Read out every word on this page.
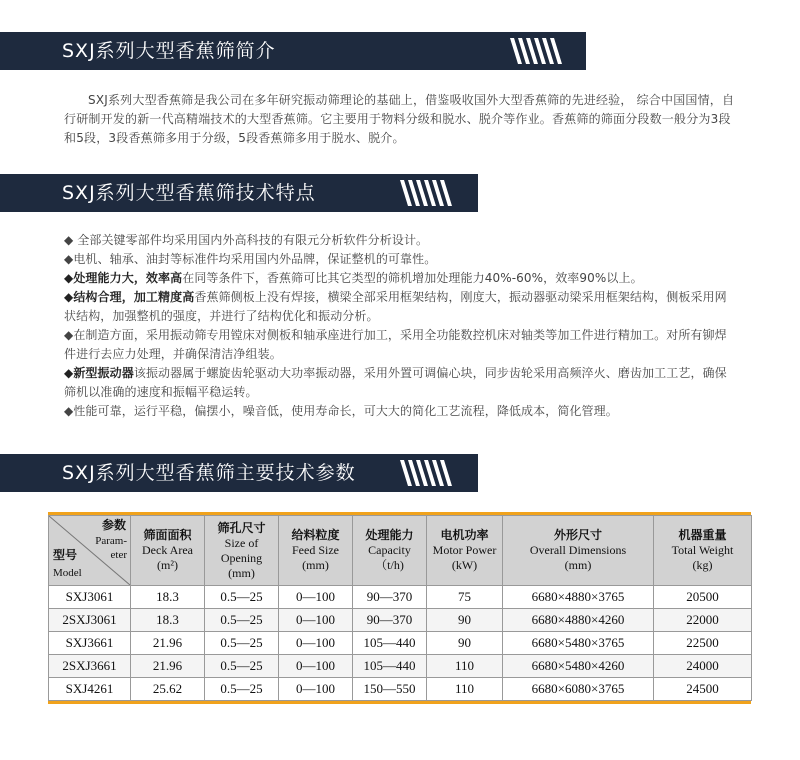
SXJ系列大型香蕉筛简介

SXJ系列大型香蕉筛是我公司在多年研究振动筛理论的基础上，借鉴吸收国外大型香蕉筛的先进经验， 综合中国国情，自行研制开发的新一代高精端技术的大型香蕉筛。它主要用于物料分级和脱水、脱介等作业。香蕉筛的筛面分段数一般分为3段和5段，3段香蕉筛多用于分级，5段香蕉筛多用于脱水、脱介。

SXJ系列大型香蕉筛技术特点
◆ 全部关键零部件均采用国内外高科技的有限元分析软件分析设计。
◆电机、轴承、油封等标准件均采用国内外品牌，保证整机的可靠性。
◆处理能力大，效率高在同等条件下，香蕉筛可比其它类型的筛机增加处理能力40%-60%，效率90%以上。
◆结构合理，加工精度高香蕉筛侧板上没有焊接，横梁全部采用框架结构，刚度大，振动器驱动梁采用框架结构，侧板采用网状结构，加强整机的强度，并进行了结构优化和振动分析。
◆在制造方面，采用振动筛专用镗床对侧板和轴承座进行加工，采用全功能数控机床对轴类等加工件进行精加工。对所有铆焊件进行去应力处理，并确保清洁净组装。
◆新型振动器该振动器属于螺旋齿轮驱动大功率振动器，采用外置可调偏心块，同步齿轮采用高频淬火、磨齿加工工艺，确保筛机以准确的速度和振幅平稳运转。
◆性能可靠，运行平稳，偏摆小，噪音低，使用寿命长，可大大的简化工艺流程，降低成本，简化管理。
SXJ系列大型香蕉筛主要技术参数
参数
Param-
eter
型号
Model	筛面面积
Deck Area
(m²)	筛孔尺寸
Size of Opening
(mm)	给料粒度
Feed Size
(mm)	处理能力
Capacity
（t/h)	电机功率
Motor Power
(kW)	外形尺寸
Overall Dimensions
(mm)	机器重量
Total Weight
(kg)

SXJ3061	18.3	0.5—25	0—100	90—370	75	6680×4880×3765	20500
2SXJ3061	18.3	0.5—25	0—100	90—370	90	6680×4880×4260	22000
SXJ3661	21.96	0.5—25	0—100	105—440	90	6680×5480×3765	22500
2SXJ3661	21.96	0.5—25	0—100	105—440	110	6680×5480×4260	24000
SXJ4261	25.62	0.5—25	0—100	150—550	110	6680×6080×3765	24500
